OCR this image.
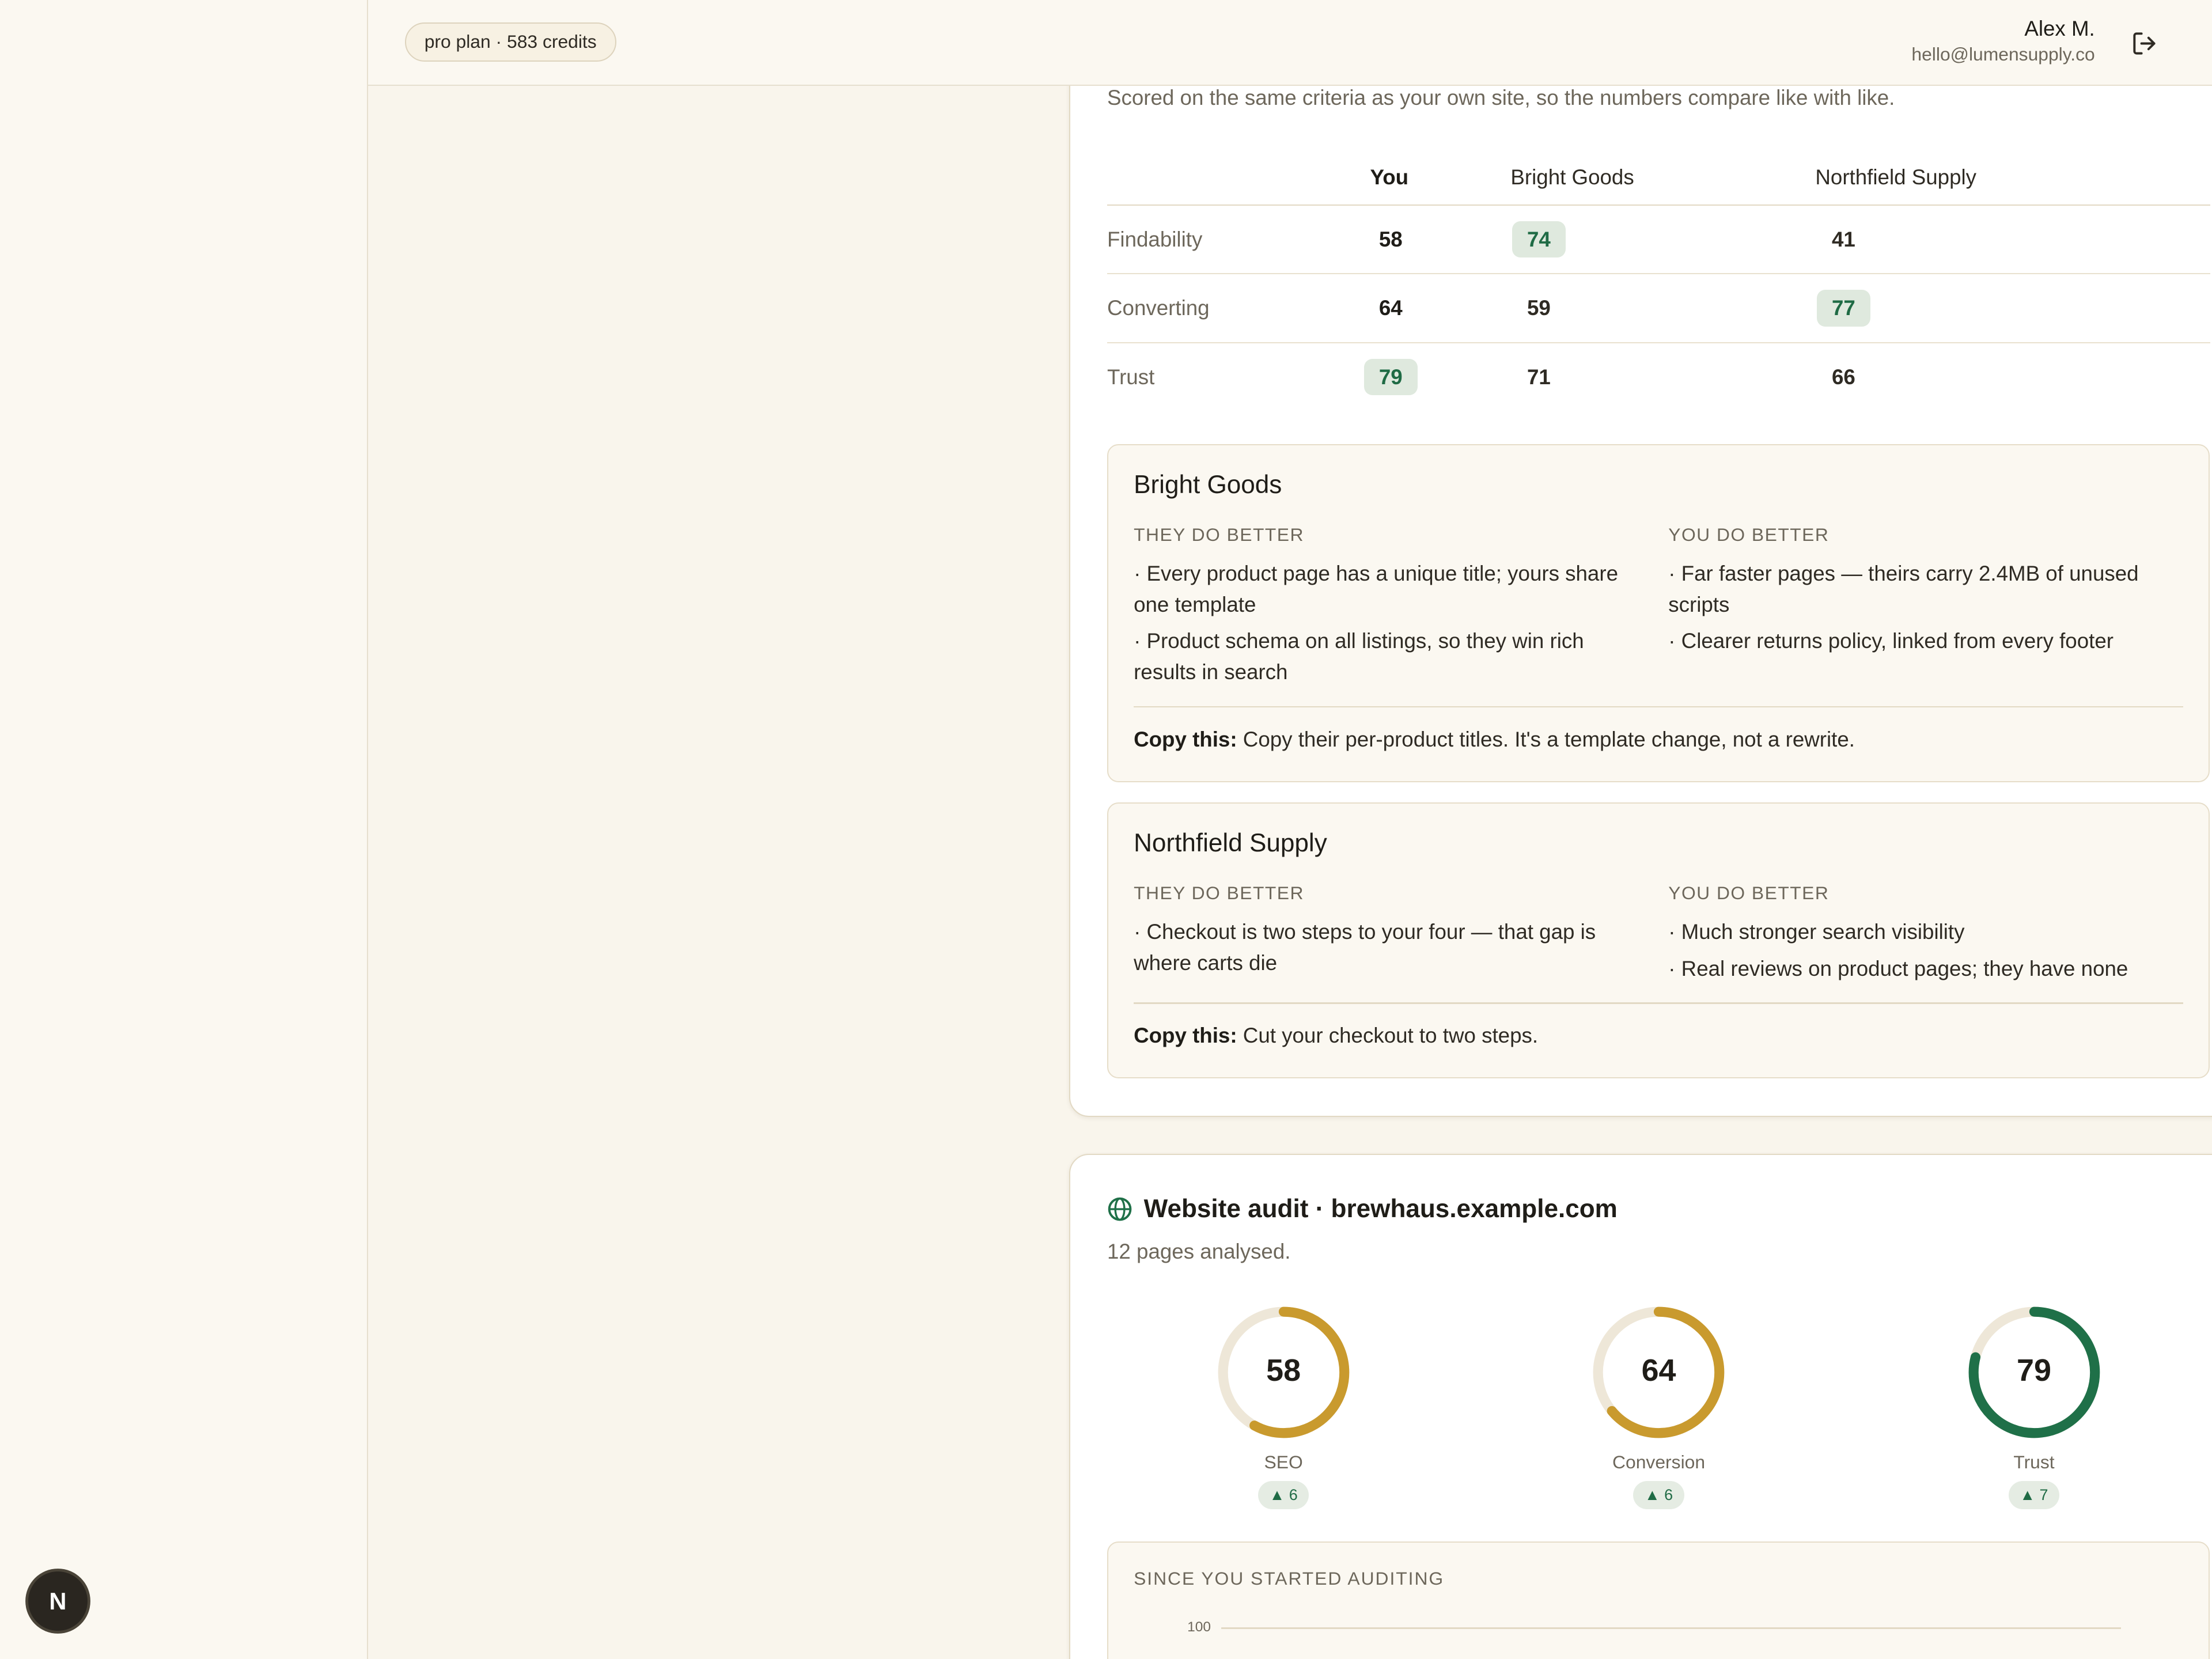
N
Scored on the same criteria as your own site, so the numbers compare like with like.
You	Bright Goods	Northfield Supply
Findability	58	74	41
Converting	64	59	77
Trust	79	71	66
Bright Goods
THEY DO BETTER	YOU DO BETTER
· Every product page has a unique title; yours share one template
· Product schema on all listings, so they win rich results in search
· Far faster pages — theirs carry 2.4MB of unused scripts
· Clearer returns policy, linked from every footer
Copy this: Copy their per-product titles. It's a template change, not a rewrite.
Northfield Supply
THEY DO BETTER	YOU DO BETTER
· Checkout is two steps to your four — that gap is where carts die
· Much stronger search visibility
· Real reviews on product pages; they have none
Copy this: Cut your checkout to two steps.
Website audit · brewhaus.example.com
12 pages analysed.
58
SEO
▲ 6
64
Conversion
▲ 6
79
Trust
▲ 7
SINCE YOU STARTED AUDITING
100
pro plan · 583 credits
Alex M.
hello@lumensupply.co
